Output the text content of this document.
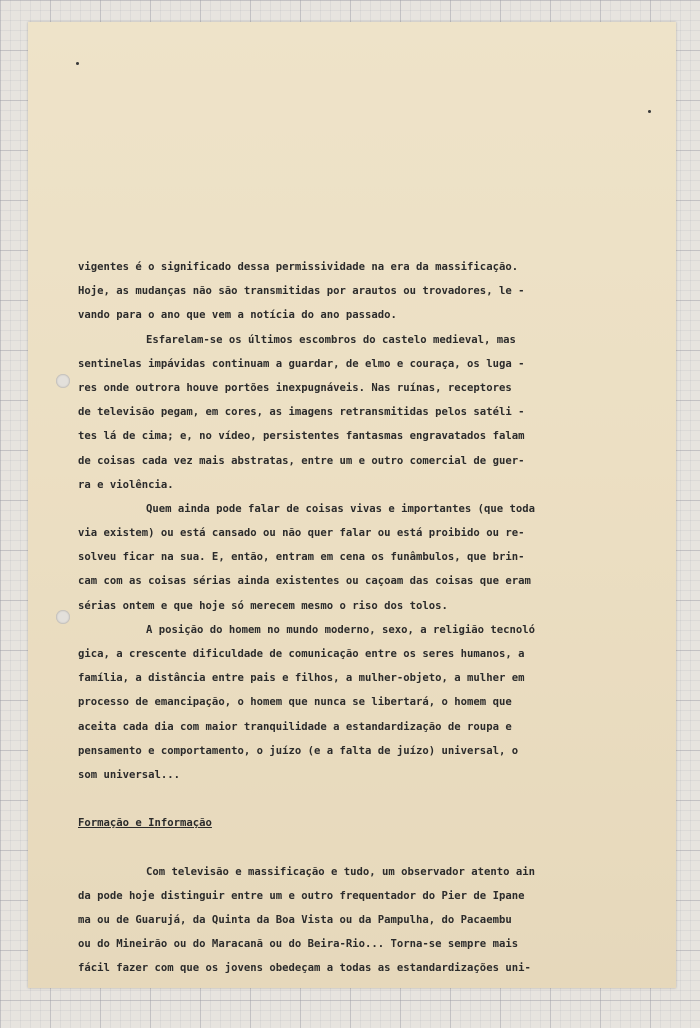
vigentes é o significado dessa permissividade na era da massificação.
Hoje, as mudanças não são transmitidas por arautos ou trovadores, le -
vando para o ano que vem a notícia do ano passado.
Esfarelam-se os últimos escombros do castelo medieval, mas
sentinelas impávidas continuam a guardar, de elmo e couraça, os luga -
res onde outrora houve portões inexpugnáveis. Nas ruínas, receptores
de televisão pegam, em cores, as imagens retransmitidas pelos satéli -
tes lá de cima; e, no vídeo, persistentes fantasmas engravatados falam
de coisas cada vez mais abstratas, entre um e outro comercial de guer-
ra e violência.
Quem ainda pode falar de coisas vivas e importantes (que toda
via existem) ou está cansado ou não quer falar ou está proibido ou re-
solveu ficar na sua. E, então, entram em cena os funâmbulos, que brin-
cam com as coisas sérias ainda existentes ou caçoam das coisas que eram
sérias ontem e que hoje só merecem mesmo o riso dos tolos.
A posição do homem no mundo moderno, sexo, a religião tecnoló
gica, a crescente dificuldade de comunicação entre os seres humanos, a
família, a distância entre pais e filhos, a mulher-objeto, a mulher em
processo de emancipação, o homem que nunca se libertará, o homem que
aceita cada dia com maior tranquilidade a estandardização de roupa e
pensamento e comportamento, o juízo (e a falta de juízo) universal, o
som universal...
Formação e Informação
Com televisão e massificação e tudo, um observador atento ain
da pode hoje distinguir entre um e outro frequentador do Pier de Ipane
ma ou de Guarujá, da Quinta da Boa Vista ou da Pampulha, do Pacaembu
ou do Mineirão ou do Maracanã ou do Beira-Rio... Torna-se sempre mais
fácil fazer com que os jovens obedeçam a todas as estandardizações uni-
